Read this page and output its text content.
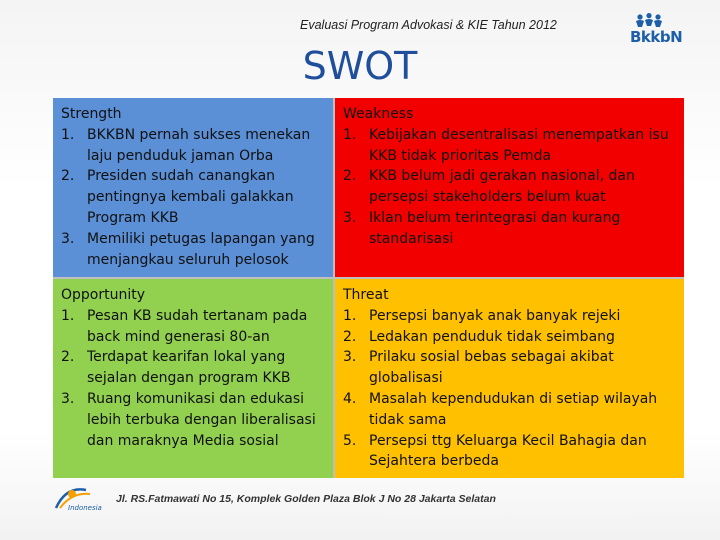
Evaluasi Program Advokasi & KIE Tahun 2012
BkkbN
SWOT
Strength
1. BKKBN pernah sukses menekan laju penduduk jaman Orba
2. Presiden sudah canangkan pentingnya kembali galakkan Program KKB
3. Memiliki petugas lapangan yang menjangkau seluruh pelosok
Weakness
1. Kebijakan desentralisasi menempatkan isu KKB tidak prioritas Pemda
2. KKB belum jadi gerakan nasional, dan persepsi stakeholders belum kuat
3. Iklan belum terintegrasi dan kurang standarisasi
Opportunity
1. Pesan KB sudah tertanam pada back mind generasi 80-an
2. Terdapat kearifan lokal yang sejalan dengan program KKB
3. Ruang komunikasi dan edukasi lebih terbuka dengan liberalisasi dan maraknya Media sosial
Threat
1. Persepsi banyak anak banyak rejeki
2. Ledakan penduduk tidak seimbang
3. Prilaku sosial bebas sebagai akibat globalisasi
4. Masalah kependudukan di setiap wilayah tidak sama
5. Persepsi ttg Keluarga Kecil Bahagia dan Sejahtera berbeda
Indonesia
Jl. RS.Fatmawati No 15, Komplek Golden Plaza Blok J No 28 Jakarta Selatan
